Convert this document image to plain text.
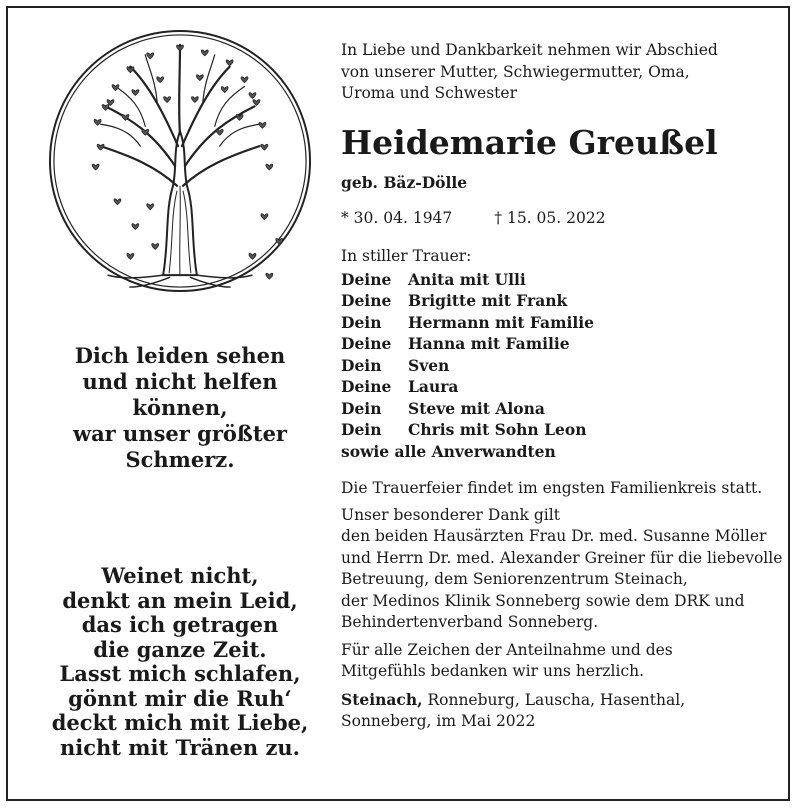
Dich leiden sehen
und nicht helfen
können,
war unser größter
Schmerz.
Weinet nicht,
denkt an mein Leid,
das ich getragen
die ganze Zeit.
Lasst mich schlafen,
gönnt mir die Ruh‘
deckt mich mit Liebe,
nicht mit Tränen zu.
In Liebe und Dankbarkeit nehmen wir Abschied
von unserer Mutter, Schwiegermutter, Oma,
Uroma und Schwester
Heidemarie Greußel
geb. Bäz-Dölle
* 30. 04. 1947	† 15. 05. 2022
In stiller Trauer:
Deine	Anita mit Ulli
Deine	Brigitte mit Frank
Dein	Hermann mit Familie
Deine	Hanna mit Familie
Dein	Sven
Deine	Laura
Dein	Steve mit Alona
Dein	Chris mit Sohn Leon
sowie alle Anverwandten
Die Trauerfeier findet im engsten Familienkreis statt.
Unser besonderer Dank gilt
den beiden Hausärzten Frau Dr. med. Susanne Möller
und Herrn Dr. med. Alexander Greiner für die liebevolle
Betreuung, dem Seniorenzentrum Steinach,
der Medinos Klinik Sonneberg sowie dem DRK und
Behindertenverband Sonneberg.
Für alle Zeichen der Anteilnahme und des
Mitgefühls bedanken wir uns herzlich.
Steinach, Ronneburg, Lauscha, Hasenthal,
Sonneberg, im Mai 2022
